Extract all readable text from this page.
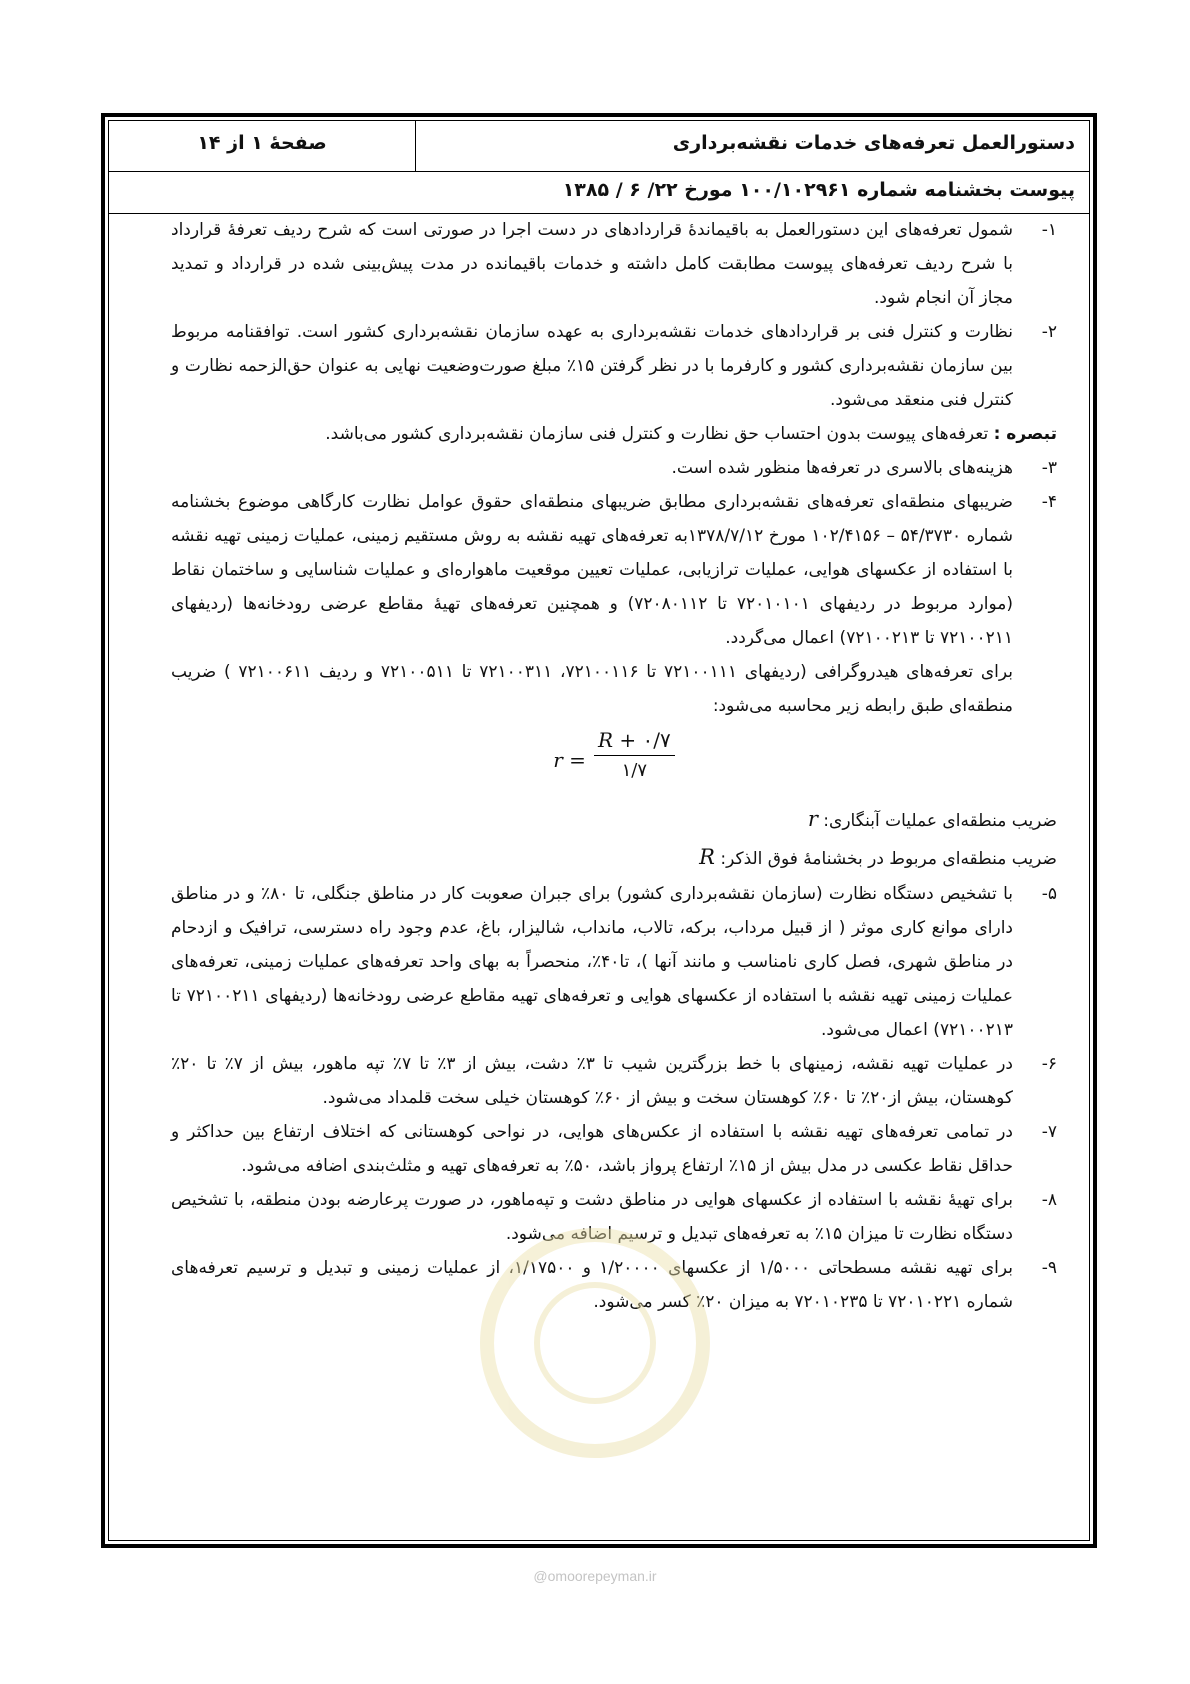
دستورالعمل تعرفه‌های خدمات نقشه‌برداری
صفحهٔ ۱ از ۱۴
پیوست بخشنامه شماره ۱۰۰/۱۰۲۹۶۱ مورخ ۲۲/ ۶ / ۱۳۸۵
۱-
شمول تعرفه‌های این دستورالعمل به باقیماندهٔ قراردادهای در دست اجرا در صورتی است که شرح ردیف تعرفهٔ قرارداد با شرح ردیف تعرفه‌های پیوست مطابقت کامل داشته و خدمات باقیمانده در مدت پیش‌بینی شده در قرارداد و تمدید مجاز آن انجام شود.
۲-
نظارت و کنترل فنی بر قراردادهای خدمات نقشه‌برداری به عهده سازمان نقشه‌برداری کشور است. توافقنامه مربوط بین سازمان نقشه‌برداری کشور و کارفرما با در نظر گرفتن ۱۵٪ مبلغ صورت‌وضعیت نهایی به عنوان حق‌الزحمه نظارت و کنترل فنی منعقد می‌شود.
تبصره : تعرفه‌های پیوست بدون احتساب حق نظارت و کنترل فنی سازمان نقشه‌برداری کشور می‌باشد.
۳-
هزینه‌های بالاسری در تعرفه‌ها منظور شده است.
۴-
ضریبهای منطقه‌ای تعرفه‌های نقشه‌برداری مطابق ضریبهای منطقه‌ای حقوق عوامل نظارت کارگاهی موضوع بخشنامه شماره ۵۴/۳۷۳۰ – ۱۰۲/۴۱۵۶ مورخ ۱۳۷۸/۷/۱۲به تعرفه‌های تهیه نقشه به روش مستقیم زمینی، عملیات زمینی تهیه نقشه با استفاده از عکسهای هوایی، عملیات ترازیابی، عملیات تعیین موقعیت ماهواره‌ای و عملیات شناسایی و ساختمان نقاط (موارد مربوط در ردیفهای ۷۲۰۱۰۱۰۱ تا ۷۲۰۸۰۱۱۲) و همچنین تعرفه‌های تهیهٔ مقاطع عرضی رودخانه‌ها (ردیفهای ۷۲۱۰۰۲۱۱ تا ۷۲۱۰۰۲۱۳) اعمال می‌گردد.
برای تعرفه‌های هیدروگرافی (ردیفهای ۷۲۱۰۰۱۱۱ تا ۷۲۱۰۰۱۱۶، ۷۲۱۰۰۳۱۱ تا ۷۲۱۰۰۵۱۱ و ردیف ۷۲۱۰۰۶۱۱ ) ضریب منطقه‌ای طبق رابطه زیر محاسبه می‌شود:
$r = \frac{R + ۰/۷}{۱/۷}$
ضریب منطقه‌ای عملیات آبنگاری: r
ضریب منطقه‌ای مربوط در بخشنامهٔ فوق الذکر: R
۵-
با تشخیص دستگاه نظارت (سازمان نقشه‌برداری کشور) برای جبران صعوبت کار در مناطق جنگلی، تا ۸۰٪ و در مناطق دارای موانع کاری موثر ( از قبیل مرداب، برکه، تالاب، مانداب، شالیزار، باغ، عدم وجود راه دسترسی، ترافیک و ازدحام در مناطق شهری، فصل کاری نامناسب و مانند آنها )، تا۴۰٪، منحصراً به بهای واحد تعرفه‌های عملیات زمینی، تعرفه‌های عملیات زمینی تهیه نقشه با استفاده از عکسهای هوایی و تعرفه‌های تهیه مقاطع عرضی رودخانه‌ها (ردیفهای ۷۲۱۰۰۲۱۱ تا ۷۲۱۰۰۲۱۳) اعمال می‌شود.
۶-
در عملیات تهیه نقشه، زمینهای با خط بزرگترین شیب تا ۳٪ دشت، بیش از ۳٪ تا ۷٪ تپه ماهور، بیش از ۷٪ تا ۲۰٪ کوهستان، بیش از۲۰٪ تا ۶۰٪ کوهستان سخت و بیش از ۶۰٪ کوهستان خیلی سخت قلمداد می‌شود.
۷-
در تمامی تعرفه‌های تهیه نقشه با استفاده از عکس‌های هوایی، در نواحی کوهستانی که اختلاف ارتفاع بین حداکثر و حداقل نقاط عکسی در مدل بیش از ۱۵٪ ارتفاع پرواز باشد، ۵۰٪ به تعرفه‌های تهیه و مثلث‌بندی اضافه می‌شود.
۸-
برای تهیهٔ نقشه با استفاده از عکسهای هوایی در مناطق دشت و تپه‌ماهور، در صورت پرعارضه بودن منطقه، با تشخیص دستگاه نظارت تا میزان ۱۵٪ به تعرفه‌های تبدیل و ترسیم اضافه می‌شود.
۹-
برای تهیه نقشه مسطحاتی ۱/۵۰۰۰ از عکسهای ۱/۲۰۰۰۰ و ۱/۱۷۵۰۰، از عملیات زمینی و تبدیل و ترسیم تعرفه‌های شماره ۷۲۰۱۰۲۲۱ تا ۷۲۰۱۰۲۳۵ به میزان ۲۰٪ کسر می‌شود.
@omoorepeyman.ir
